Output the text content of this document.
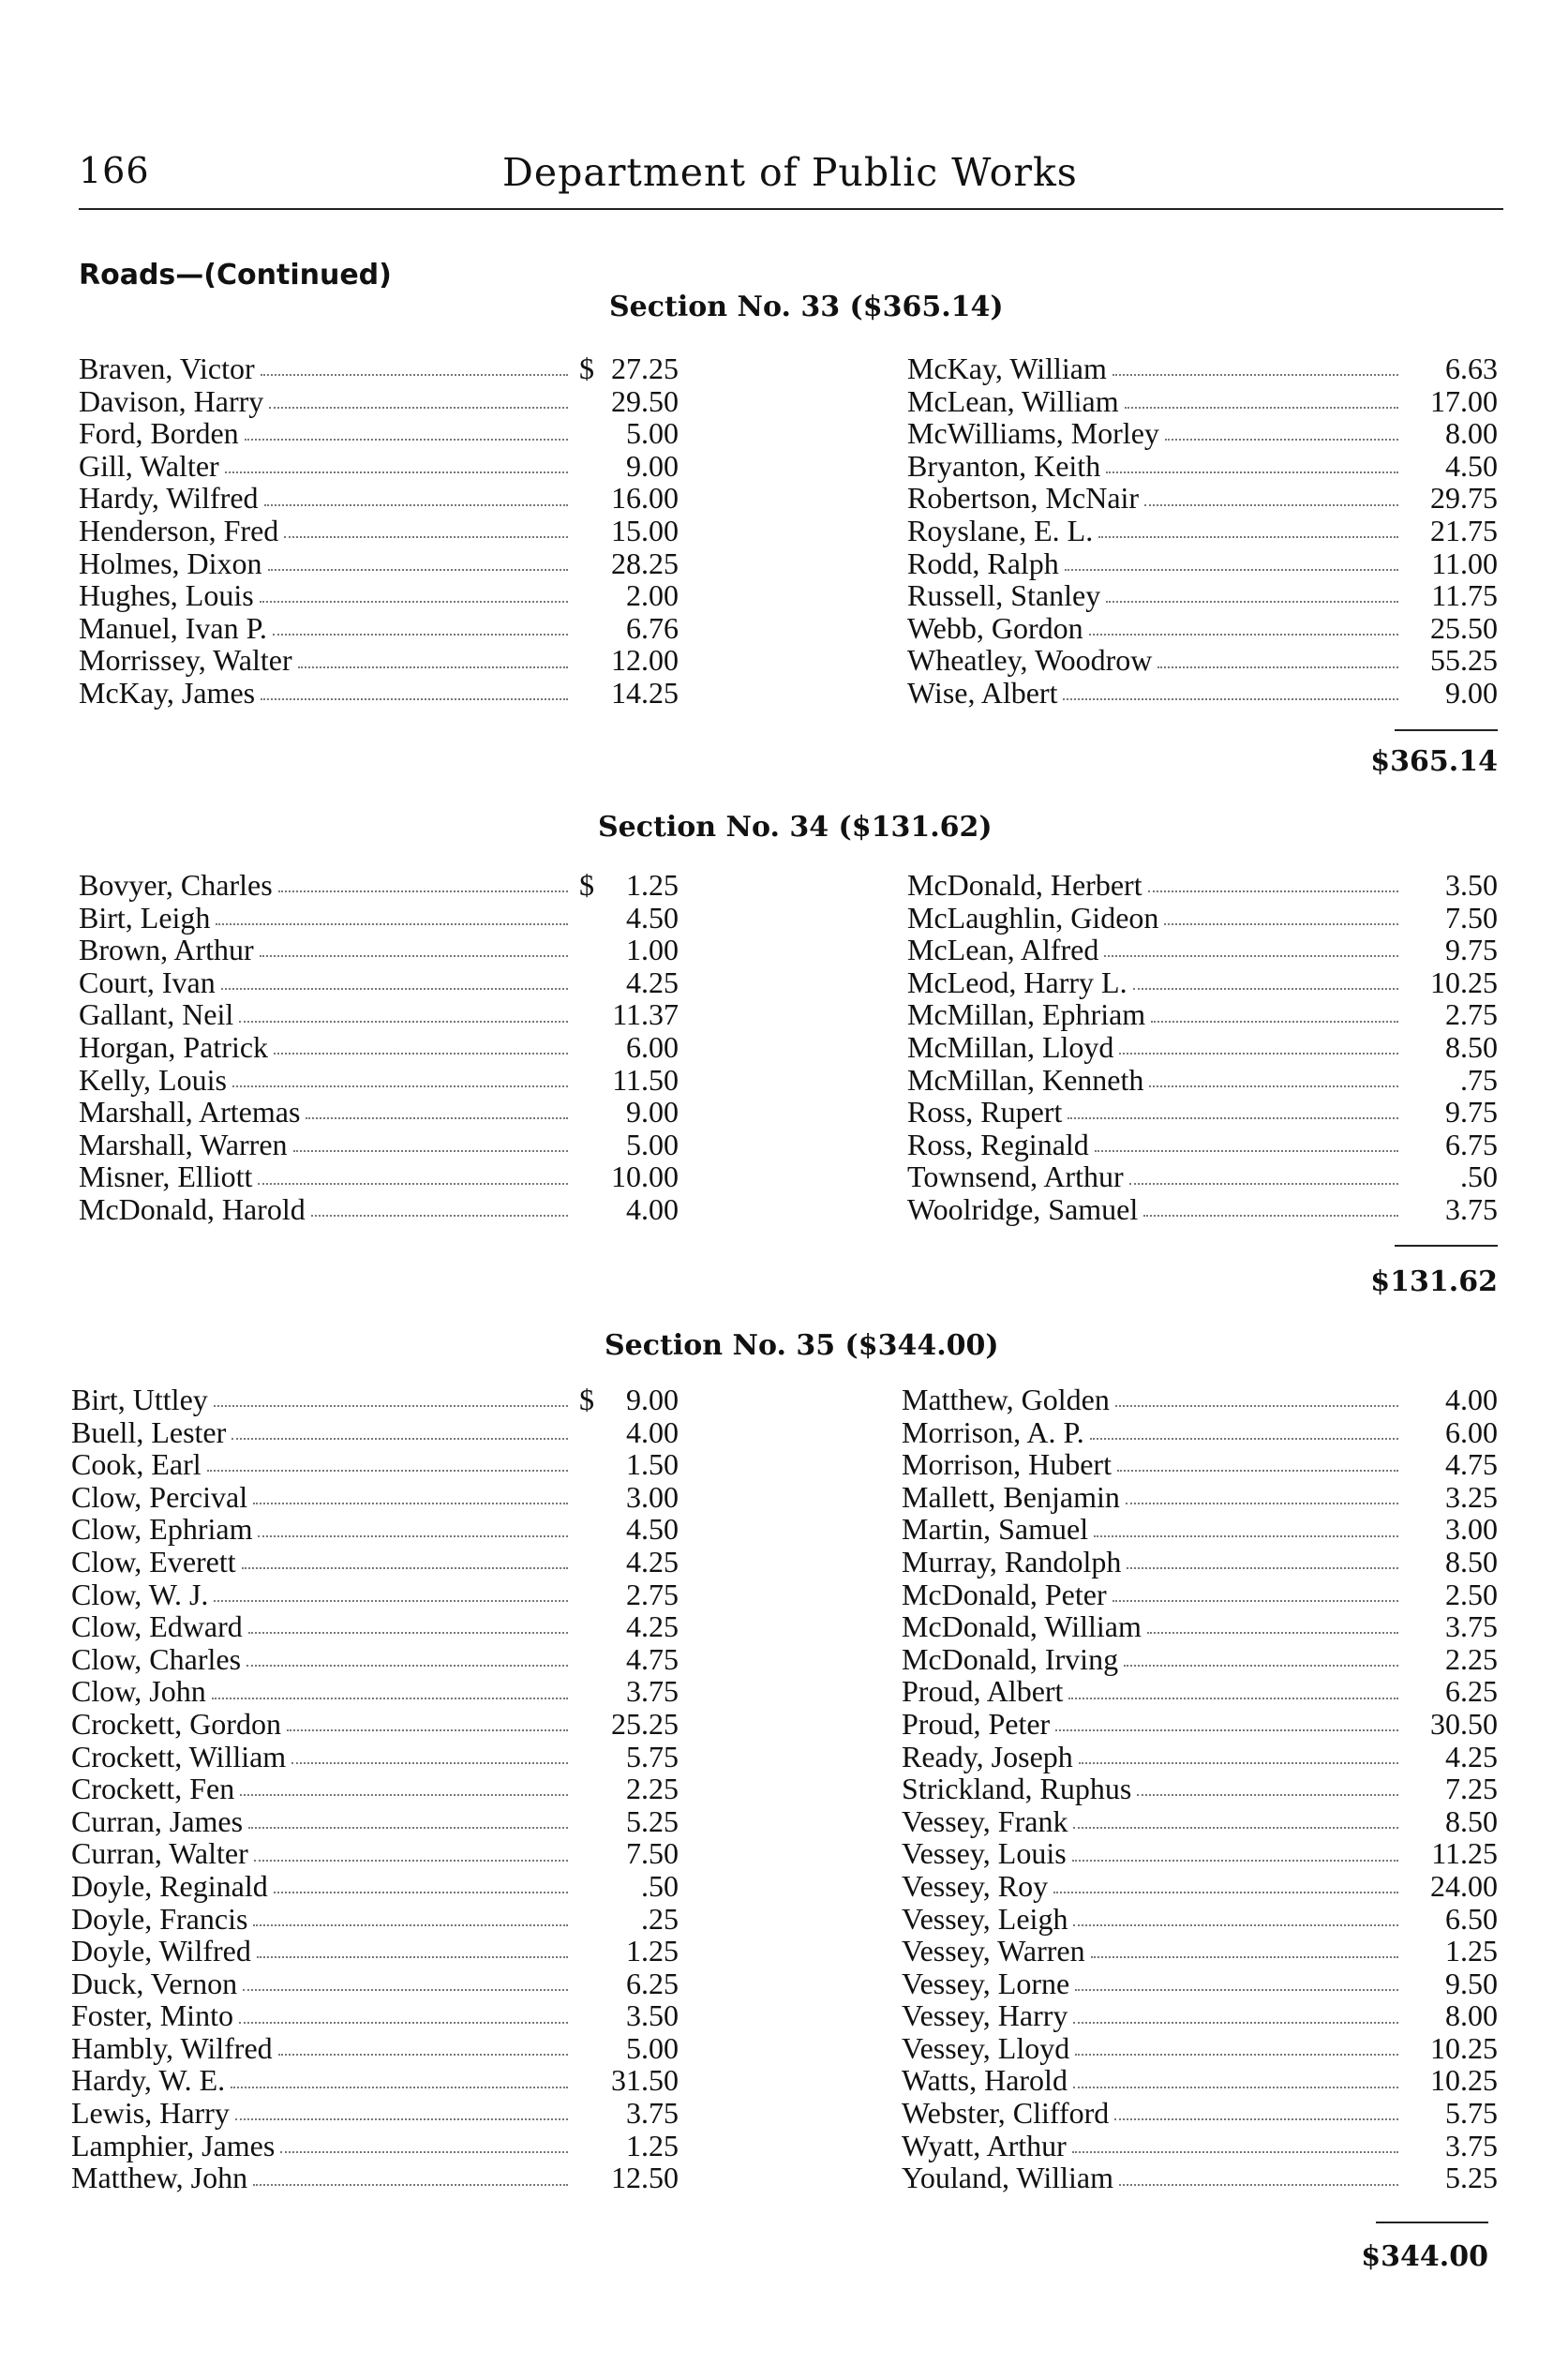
166	Department of Public Works
Roads—(Continued)
Section No. 33 ($365.14)
Braven, Victor	$ 27.25
Davison, Harry	29.50
Ford, Borden	5.00
Gill, Walter	9.00
Hardy, Wilfred	16.00
Henderson, Fred	15.00
Holmes, Dixon	28.25
Hughes, Louis	2.00
Manuel, Ivan P.	6.76
Morrissey, Walter	12.00
McKay, James	14.25
McKay, William	6.63
McLean, William	17.00
McWilliams, Morley	8.00
Bryanton, Keith	4.50
Robertson, McNair	29.75
Royslane, E. L.	21.75
Rodd, Ralph	11.00
Russell, Stanley	11.75
Webb, Gordon	25.50
Wheatley, Woodrow	55.25
Wise, Albert	9.00
$365.14
Section No. 34 ($131.62)
Bovyer, Charles	$	1.25
Birt, Leigh	4.50
Brown, Arthur	1.00
Court, Ivan	4.25
Gallant, Neil	11.37
Horgan, Patrick	6.00
Kelly, Louis	11.50
Marshall, Artemas	9.00
Marshall, Warren	5.00
Misner, Elliott	10.00
McDonald, Harold	4.00
McDonald, Herbert	3.50
McLaughlin, Gideon	7.50
McLean, Alfred	9.75
McLeod, Harry L.	10.25
McMillan, Ephriam	2.75
McMillan, Lloyd	8.50
McMillan, Kenneth	.75
Ross, Rupert	9.75
Ross, Reginald	6.75
Townsend, Arthur	.50
Woolridge, Samuel	3.75
$131.62
Section No. 35 ($344.00)
Birt, Uttley	$	9.00
Buell, Lester	4.00
Cook, Earl	1.50
Clow, Percival	3.00
Clow, Ephriam	4.50
Clow, Everett	4.25
Clow, W. J.	2.75
Clow, Edward	4.25
Clow, Charles	4.75
Clow, John	3.75
Crockett, Gordon	25.25
Crockett, William	5.75
Crockett, Fen	2.25
Curran, James	5.25
Curran, Walter	7.50
Doyle, Reginald	.50
Doyle, Francis	.25
Doyle, Wilfred	1.25
Duck, Vernon	6.25
Foster, Minto	3.50
Hambly, Wilfred	5.00
Hardy, W. E.	31.50
Lewis, Harry	3.75
Lamphier, James	1.25
Matthew, John	12.50
Matthew, Golden	4.00
Morrison, A. P.	6.00
Morrison, Hubert	4.75
Mallett, Benjamin	3.25
Martin, Samuel	3.00
Murray, Randolph	8.50
McDonald, Peter	2.50
McDonald, William	3.75
McDonald, Irving	2.25
Proud, Albert	6.25
Proud, Peter	30.50
Ready, Joseph	4.25
Strickland, Ruphus	7.25
Vessey, Frank	8.50
Vessey, Louis	11.25
Vessey, Roy	24.00
Vessey, Leigh	6.50
Vessey, Warren	1.25
Vessey, Lorne	9.50
Vessey, Harry	8.00
Vessey, Lloyd	10.25
Watts, Harold	10.25
Webster, Clifford	5.75
Wyatt, Arthur	3.75
Youland, William	5.25
$344.00
